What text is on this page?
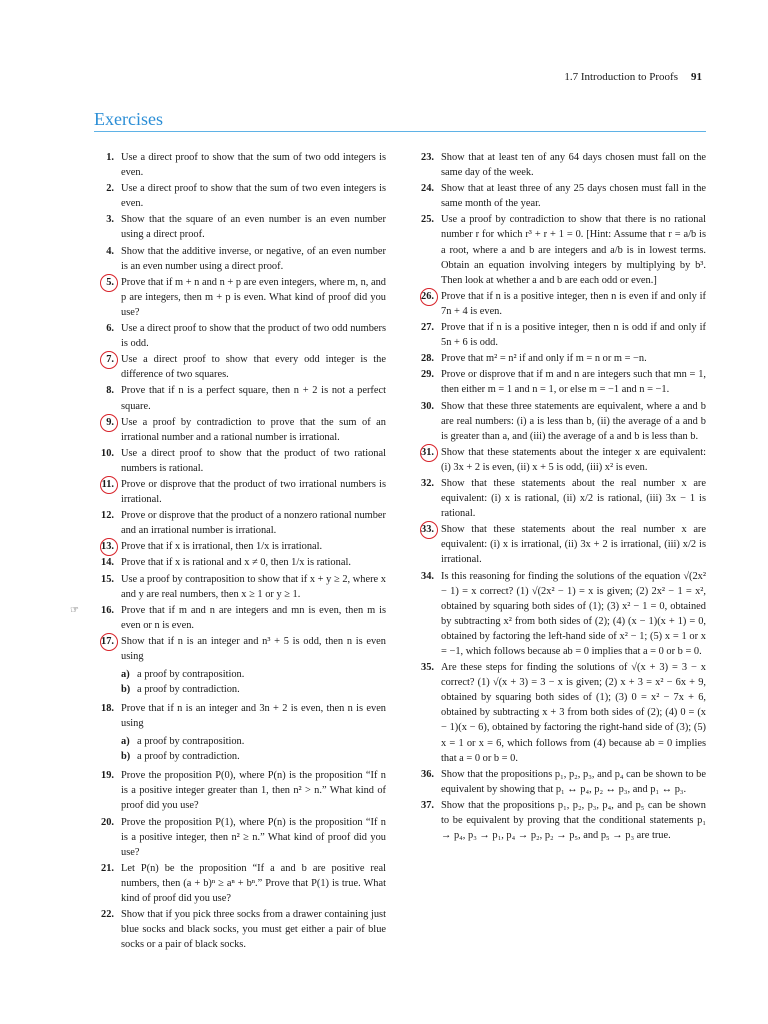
1.7 Introduction to Proofs 91
Exercises
1. Use a direct proof to show that the sum of two odd integers is even.
2. Use a direct proof to show that the sum of two even integers is even.
3. Show that the square of an even number is an even number using a direct proof.
4. Show that the additive inverse, or negative, of an even number is an even number using a direct proof.
5. Prove that if m + n and n + p are even integers, where m, n, and p are integers, then m + p is even. What kind of proof did you use?
6. Use a direct proof to show that the product of two odd numbers is odd.
7. Use a direct proof to show that every odd integer is the difference of two squares.
8. Prove that if n is a perfect square, then n + 2 is not a perfect square.
9. Use a proof by contradiction to prove that the sum of an irrational number and a rational number is irrational.
10. Use a direct proof to show that the product of two rational numbers is rational.
11. Prove or disprove that the product of two irrational numbers is irrational.
12. Prove or disprove that the product of a nonzero rational number and an irrational number is irrational.
13. Prove that if x is irrational, then 1/x is irrational.
14. Prove that if x is rational and x ≠ 0, then 1/x is rational.
15. Use a proof by contraposition to show that if x + y ≥ 2, where x and y are real numbers, then x ≥ 1 or y ≥ 1.
☞	16. Prove that if m and n are integers and mn is even, then m is even or n is even.
17. Show that if n is an integer and n³ + 5 is odd, then n is even using
a) a proof by contraposition.
b) a proof by contradiction.
18. Prove that if n is an integer and 3n + 2 is even, then n is even using
a) a proof by contraposition.
b) a proof by contradiction.
19. Prove the proposition P(0), where P(n) is the proposition “If n is a positive integer greater than 1, then n² > n.” What kind of proof did you use?
20. Prove the proposition P(1), where P(n) is the proposition “If n is a positive integer, then n² ≥ n.” What kind of proof did you use?
21. Let P(n) be the proposition “If a and b are positive real numbers, then (a + b)ⁿ ≥ aⁿ + bⁿ.” Prove that P(1) is true. What kind of proof did you use?
22. Show that if you pick three socks from a drawer containing just blue socks and black socks, you must get either a pair of blue socks or a pair of black socks.
23. Show that at least ten of any 64 days chosen must fall on the same day of the week.
24. Show that at least three of any 25 days chosen must fall in the same month of the year.
25. Use a proof by contradiction to show that there is no rational number r for which r³ + r + 1 = 0. [Hint: Assume that r = a/b is a root, where a and b are integers and a/b is in lowest terms. Obtain an equation involving integers by multiplying by b³. Then look at whether a and b are each odd or even.]
26. Prove that if n is a positive integer, then n is even if and only if 7n + 4 is even.
27. Prove that if n is a positive integer, then n is odd if and only if 5n + 6 is odd.
28. Prove that m² = n² if and only if m = n or m = −n.
29. Prove or disprove that if m and n are integers such that mn = 1, then either m = 1 and n = 1, or else m = −1 and n = −1.
30. Show that these three statements are equivalent, where a and b are real numbers: (i) a is less than b, (ii) the average of a and b is greater than a, and (iii) the average of a and b is less than b.
31. Show that these statements about the integer x are equivalent: (i) 3x + 2 is even, (ii) x + 5 is odd, (iii) x² is even.
32. Show that these statements about the real number x are equivalent: (i) x is rational, (ii) x/2 is rational, (iii) 3x − 1 is rational.
33. Show that these statements about the real number x are equivalent: (i) x is irrational, (ii) 3x + 2 is irrational, (iii) x/2 is irrational.
34. Is this reasoning for finding the solutions of the equation √(2x² − 1) = x correct? (1) √(2x² − 1) = x is given; (2) 2x² − 1 = x², obtained by squaring both sides of (1); (3) x² − 1 = 0, obtained by subtracting x² from both sides of (2); (4) (x − 1)(x + 1) = 0, obtained by factoring the left-hand side of x² − 1; (5) x = 1 or x = −1, which follows because ab = 0 implies that a = 0 or b = 0.
35. Are these steps for finding the solutions of √(x + 3) = 3 − x correct? (1) √(x + 3) = 3 − x is given; (2) x + 3 = x² − 6x + 9, obtained by squaring both sides of (1); (3) 0 = x² − 7x + 6, obtained by subtracting x + 3 from both sides of (2); (4) 0 = (x − 1)(x − 6), obtained by factoring the right-hand side of (3); (5) x = 1 or x = 6, which follows from (4) because ab = 0 implies that a = 0 or b = 0.
36. Show that the propositions p₁, p₂, p₃, and p₄ can be shown to be equivalent by showing that p₁ ↔ p₄, p₂ ↔ p₃, and p₁ ↔ p₃.
37. Show that the propositions p₁, p₂, p₃, p₄, and p₅ can be shown to be equivalent by proving that the conditional statements p₁ → p₄, p₃ → p₁, p₄ → p₂, p₂ → p₅, and p₅ → p₃ are true.
